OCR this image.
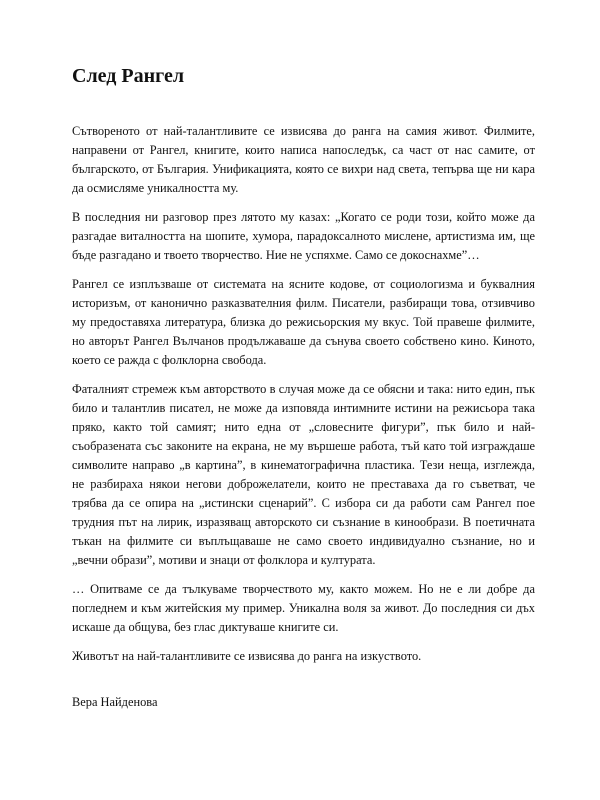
След Рангел

Сътвореното от най-талантливите се извисява до ранга на самия живот. Филмите, направени от Рангел, книгите, които написа напоследък, са част от нас самите, от българското, от България. Унификацията, която се вихри над света, тепърва ще ни кара да осмисляме уникалността му.

В последния ни разговор през лятото му казах: „Когато се роди този, който може да разгадае виталността на шопите, хумора, парадоксалното мислене, артистизма им, ще бъде разгадано и твоето творчество. Ние не успяхме. Само се докоснахме”…

Рангел се изплъзваше от системата на ясните кодове, от социологизма и буквалния историзъм, от канонично разказвателния филм. Писатели, разбиращи това, отзивчиво му предоставяха литература, близка до режисьорския му вкус. Той правеше филмите, но авторът Рангел Вълчанов продължаваше да сънува своето собствено кино. Киното, което се ражда с фолклорна свобода.

Фаталният стремеж към авторството в случая може да се обясни и така: нито един, пък било и талантлив писател, не може да изповяда интимните истини на режисьора така пряко, както той самият; нито една от „словесните фигури”, пък било и най-съобразената със законите на екрана, не му вършеше работа, тъй като той изграждаше символите направо „в картина”, в кинематографична пластика. Тези неща, изглежда, не разбираха някои негови доброжелатели, които не преставаха да го съветват, че трябва да се опира на „истински сценарий”. С избора си да работи сам Рангел пое трудния път на лирик, изразяващ авторското си съзнание в кинообрази. В поетичната тъкан на филмите си въплъщаваше не само своето индивидуално съзнание, но и „вечни образи”, мотиви и знаци от фолклора и културата.

… Опитваме се да тълкуваме творчеството му, както можем. Но не е ли добре да погледнем и към житейския му пример. Уникална воля за живот. До последния си дъх искаше да общува, без глас диктуваше книгите си.

Животът на най-талантливите се извисява до ранга на изкуството.

Вера Найденова
